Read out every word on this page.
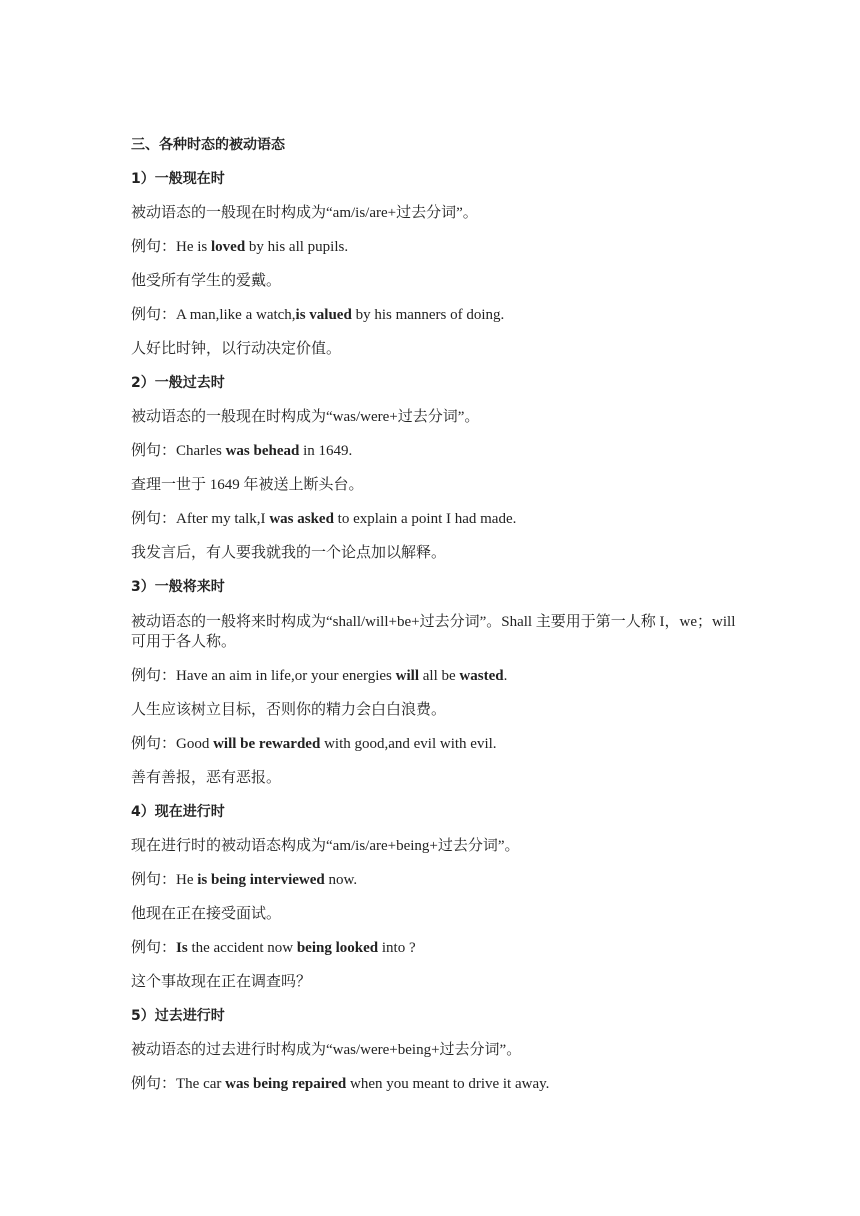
三、各种时态的被动语态
1）一般现在时
被动语态的一般现在时构成为“am/is/are+过去分词”。
例句：He is loved by his all pupils.
他受所有学生的爱戴。
例句：A man,like a watch,is valued by his manners of doing.
人好比时钟，以行动决定价值。
2）一般过去时
被动语态的一般现在时构成为“was/were+过去分词”。
例句：Charles was behead in 1649.
查理一世于 1649 年被送上断头台。
例句：After my talk,I was asked to explain a point I had made.
我发言后，有人要我就我的一个论点加以解释。
3）一般将来时
被动语态的一般将来时构成为“shall/will+be+过去分词”。Shall 主要用于第一人称 I，we；will 可用于各人称。
例句：Have an aim in life,or your energies will all be wasted.
人生应该树立目标，否则你的精力会白白浪费。
例句：Good will be rewarded with good,and evil with evil.
善有善报，恶有恶报。
4）现在进行时
现在进行时的被动语态构成为“am/is/are+being+过去分词”。
例句：He is being interviewed now.
他现在正在接受面试。
例句：Is the accident now being looked into ?
这个事故现在正在调查吗？
5）过去进行时
被动语态的过去进行时构成为“was/were+being+过去分词”。
例句：The car was being repaired when you meant to drive it away.
